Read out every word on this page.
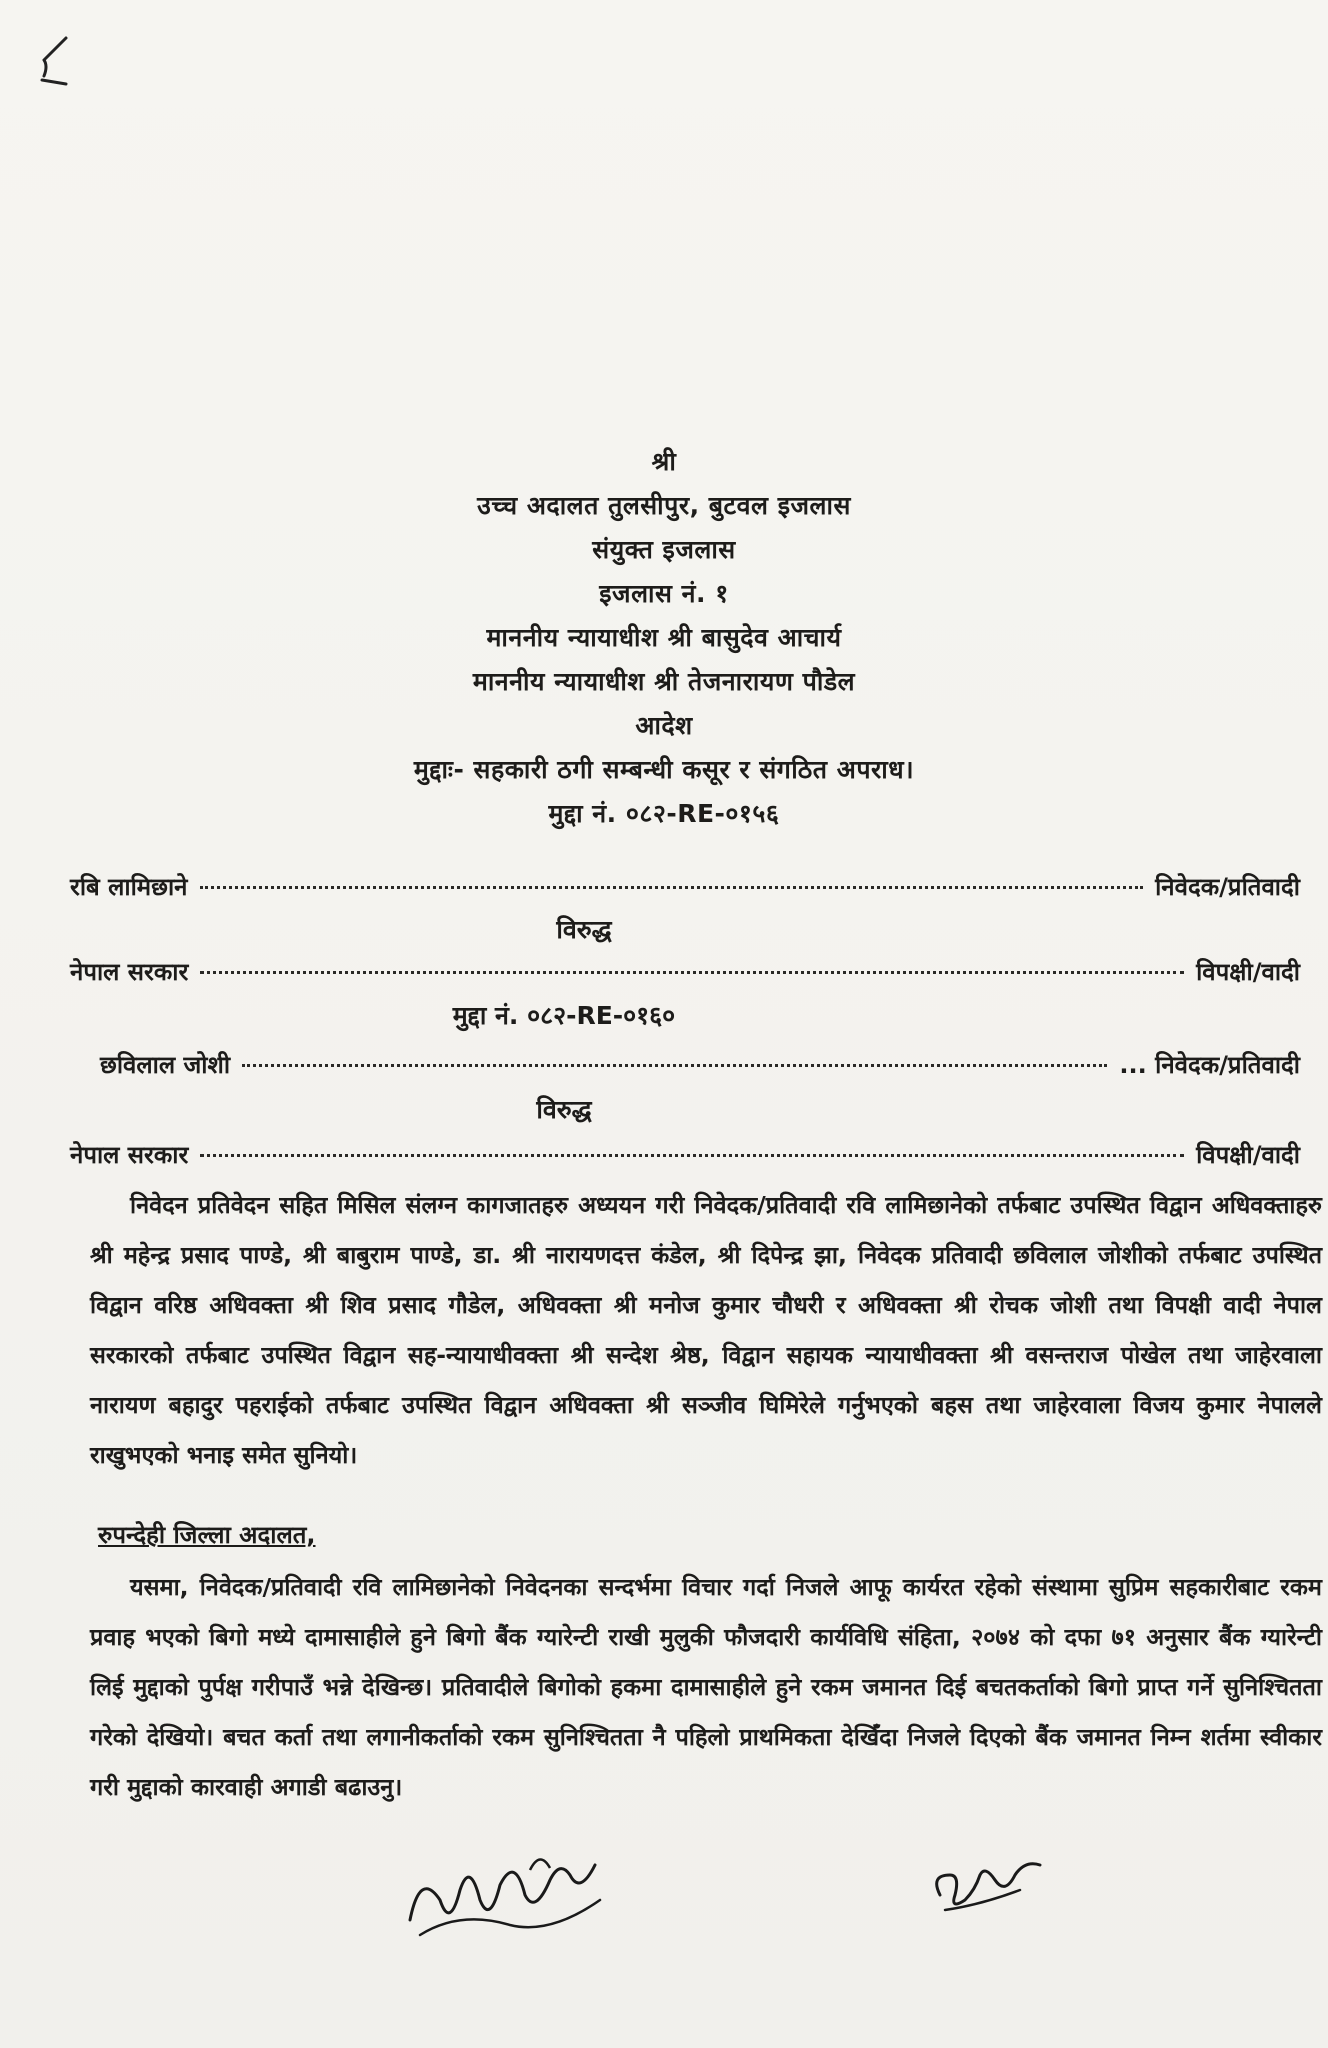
श्री
उच्च अदालत तुलसीपुर, बुटवल इजलास
संयुक्त इजलास
इजलास नं. १
माननीय न्यायाधीश श्री बासुदेव आचार्य
माननीय न्यायाधीश श्री तेजनारायण पौडेल
आदेश
मुद्दाः- सहकारी ठगी सम्बन्धी कसूर र संगठित अपराध।
मुद्दा नं. ०८२-RE-०१५६
रबि लामिछाने	निवेदक/प्रतिवादी
विरुद्ध
नेपाल सरकार	विपक्षी/वादी
मुद्दा नं. ०८२-RE-०१६०
छविलाल जोशी	... निवेदक/प्रतिवादी
विरुद्ध
नेपाल सरकार	विपक्षी/वादी

निवेदन प्रतिवेदन सहित मिसिल संलग्न कागजातहरु अध्ययन गरी निवेदक/प्रतिवादी रवि लामिछानेको तर्फबाट उपस्थित विद्वान अधिवक्ताहरु श्री महेन्द्र प्रसाद पाण्डे, श्री बाबुराम पाण्डे, डा. श्री नारायणदत्त कंडेल, श्री दिपेन्द्र झा, निवेदक प्रतिवादी छविलाल जोशीको तर्फबाट उपस्थित विद्वान वरिष्ठ अधिवक्ता श्री शिव प्रसाद गौडेल, अधिवक्ता श्री मनोज कुमार चौधरी र अधिवक्ता श्री रोचक जोशी तथा विपक्षी वादी नेपाल सरकारको तर्फबाट उपस्थित विद्वान सह-न्यायाधीवक्ता श्री सन्देश श्रेष्ठ, विद्वान सहायक न्यायाधीवक्ता श्री वसन्तराज पोखेल तथा जाहेरवाला नारायण बहादुर पहराईको तर्फबाट उपस्थित विद्वान अधिवक्ता श्री सञ्जीव घिमिरेले गर्नुभएको बहस तथा जाहेरवाला विजय कुमार नेपालले राखुभएको भनाइ समेत सुनियो।

रुपन्देही जिल्ला अदालत,

यसमा, निवेदक/प्रतिवादी रवि लामिछानेको निवेदनका सन्दर्भमा विचार गर्दा निजले आफू कार्यरत रहेको संस्थामा सुप्रिम सहकारीबाट रकम प्रवाह भएको बिगो मध्ये दामासाहीले हुने बिगो बैंक ग्यारेन्टी राखी मुलुकी फौजदारी कार्यविधि संहिता, २०७४ को दफा ७१ अनुसार बैंक ग्यारेन्टी लिई मुद्दाको पुर्पक्ष गरीपाउँ भन्ने देखिन्छ। प्रतिवादीले बिगोको हकमा दामासाहीले हुने रकम जमानत दिई बचतकर्ताको बिगो प्राप्त गर्ने सुनिश्चितता गरेको देखियो। बचत कर्ता तथा लगानीकर्ताको रकम सुनिश्चितता नै पहिलो प्राथमिकता देखिँदा निजले दिएको बैंक जमानत निम्न शर्तमा स्वीकार गरी मुद्दाको कारवाही अगाडी बढाउनु।
